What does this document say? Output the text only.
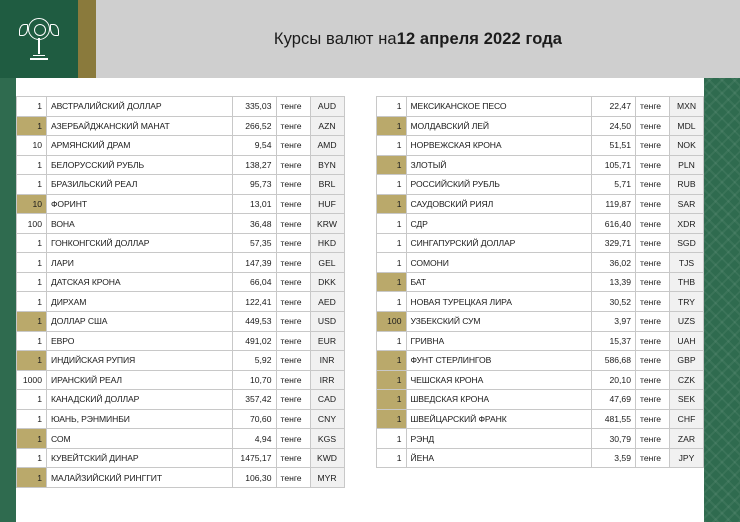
Курсы валют на 12 апреля 2022 года
1	АВСТРАЛИЙСКИЙ ДОЛЛАР	335,03	тенге	AUD
1	АЗЕРБАЙДЖАНСКИЙ МАНАТ	266,52	тенге	AZN
10	АРМЯНСКИЙ ДРАМ	9,54	тенге	AMD
1	БЕЛОРУССКИЙ РУБЛЬ	138,27	тенге	BYN
1	БРАЗИЛЬСКИЙ РЕАЛ	95,73	тенге	BRL
10	ФОРИНТ	13,01	тенге	HUF
100	ВОНА	36,48	тенге	KRW
1	ГОНКОНГСКИЙ ДОЛЛАР	57,35	тенге	HKD
1	ЛАРИ	147,39	тенге	GEL
1	ДАТСКАЯ КРОНА	66,04	тенге	DKK
1	ДИРХАМ	122,41	тенге	AED
1	ДОЛЛАР США	449,53	тенге	USD
1	ЕВРО	491,02	тенге	EUR
1	ИНДИЙСКАЯ РУПИЯ	5,92	тенге	INR
1000	ИРАНСКИЙ РЕАЛ	10,70	тенге	IRR
1	КАНАДСКИЙ ДОЛЛАР	357,42	тенге	CAD
1	ЮАНЬ, РЭНМИНБИ	70,60	тенге	CNY
1	СОМ	4,94	тенге	KGS
1	КУВЕЙТСКИЙ ДИНАР	1475,17	тенге	KWD
1	МАЛАЙЗИЙСКИЙ РИНГГИТ	106,30	тенге	MYR
1	МЕКСИКАНСКОЕ ПЕСО	22,47	тенге	MXN
1	МОЛДАВСКИЙ ЛЕЙ	24,50	тенге	MDL
1	НОРВЕЖСКАЯ КРОНА	51,51	тенге	NOK
1	ЗЛОТЫЙ	105,71	тенге	PLN
1	РОССИЙСКИЙ РУБЛЬ	5,71	тенге	RUB
1	САУДОВСКИЙ РИЯЛ	119,87	тенге	SAR
1	СДР	616,40	тенге	XDR
1	СИНГАПУРСКИЙ ДОЛЛАР	329,71	тенге	SGD
1	СОМОНИ	36,02	тенге	TJS
1	БАТ	13,39	тенге	THB
1	НОВАЯ ТУРЕЦКАЯ ЛИРА	30,52	тенге	TRY
100	УЗБЕКСКИЙ СУМ	3,97	тенге	UZS
1	ГРИВНА	15,37	тенге	UAH
1	ФУНТ СТЕРЛИНГОВ	586,68	тенге	GBP
1	ЧЕШСКАЯ КРОНА	20,10	тенге	CZK
1	ШВЕДСКАЯ КРОНА	47,69	тенге	SEK
1	ШВЕЙЦАРСКИЙ ФРАНК	481,55	тенге	CHF
1	РЭНД	30,79	тенге	ZAR
1	ЙЕНА	3,59	тенге	JPY
